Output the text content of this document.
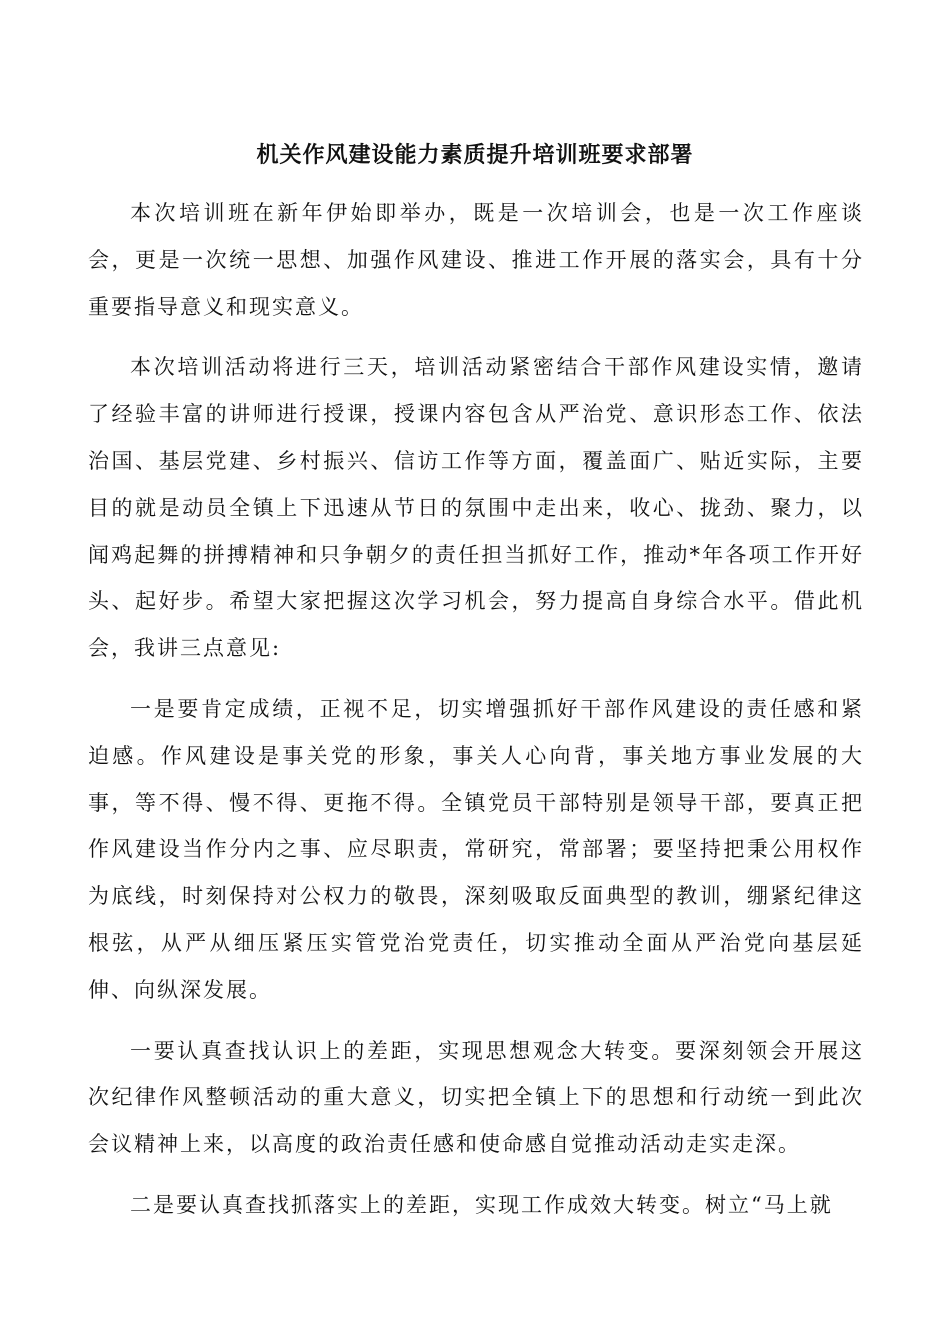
机关作风建设能力素质提升培训班要求部署

本次培训班在新年伊始即举办，既是一次培训会，也是一次工作座谈会，更是一次统一思想、加强作风建设、推进工作开展的落实会，具有十分重要指导意义和现实意义。

本次培训活动将进行三天，培训活动紧密结合干部作风建设实情，邀请了经验丰富的讲师进行授课，授课内容包含从严治党、意识形态工作、依法治国、基层党建、乡村振兴、信访工作等方面，覆盖面广、贴近实际，主要目的就是动员全镇上下迅速从节日的氛围中走出来，收心、拢劲、聚力，以闻鸡起舞的拼搏精神和只争朝夕的责任担当抓好工作，推动*年各项工作开好头、起好步。希望大家把握这次学习机会，努力提高自身综合水平。借此机会，我讲三点意见:

一是要肯定成绩，正视不足，切实增强抓好干部作风建设的责任感和紧迫感。作风建设是事关党的形象，事关人心向背，事关地方事业发展的大事，等不得、慢不得、更拖不得。全镇党员干部特别是领导干部，要真正把作风建设当作分内之事、应尽职责，常研究，常部署；要坚持把秉公用权作为底线，时刻保持对公权力的敬畏，深刻吸取反面典型的教训，绷紧纪律这根弦，从严从细压紧压实管党治党责任，切实推动全面从严治党向基层延伸、向纵深发展。

一要认真查找认识上的差距，实现思想观念大转变。要深刻领会开展这次纪律作风整顿活动的重大意义，切实把全镇上下的思想和行动统一到此次会议精神上来，以高度的政治责任感和使命感自觉推动活动走实走深。

二是要认真查找抓落实上的差距，实现工作成效大转变。树立“马上就
